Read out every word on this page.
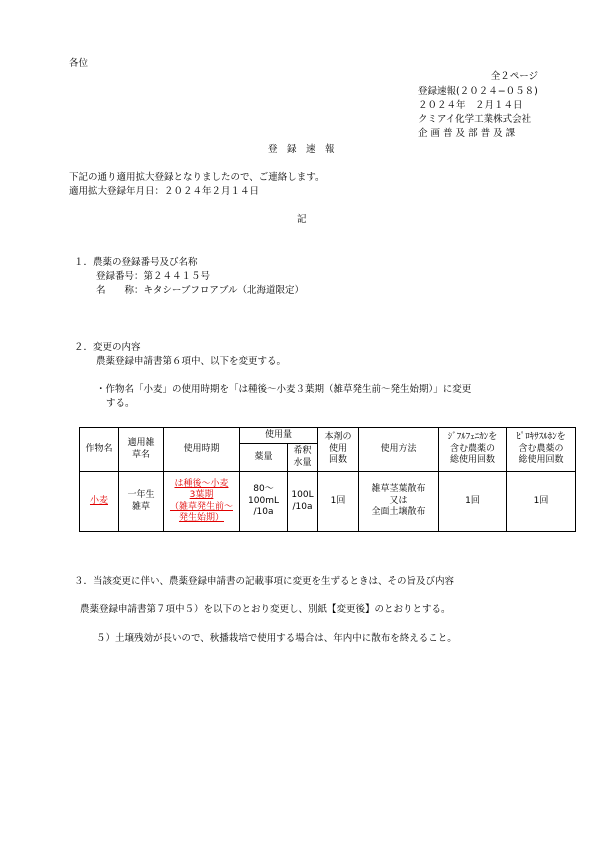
各位
全２ページ
登録速報(２０２４−０５８)
２０２４年　２月１４日
クミアイ化学工業株式会社
企 画 普 及 部 普 及 課
登　録　速　報
下記の通り適用拡大登録となりましたので、ご連絡します。
適用拡大登録年月日：２０２４年２月１４日
記
１．農薬の登録番号及び名称
登録番号：第２４４１５号
名　　称：キタシーブフロアブル（北海道限定）
２．変更の内容
農薬登録申請書第６項中、以下を変更する。
・作物名「小麦」の使用時期を「は種後〜小麦３葉期（雑草発生前〜発生始期）」に変更
する。
作物名	適用雑
草名	使用時期	使用量		本剤の
使用
回数	使用方法	ｼﾞﾌﾙﾌｪﾆｶﾝを
含む農薬の
総使用回数	ﾋﾟﾛｷｻｽﾙﾎﾝを
含む農薬の
総使用回数

			薬量	希釈
水量				

小麦	一年生
雑草	は種後〜小麦
3葉期
（雑草発生前〜
発生始期）	80〜
100mL
/10a	100L
/10a	1回	雑草茎葉散布
又は
全面土壌散布	1回	1回
３．当該変更に伴い、農薬登録申請書の記載事項に変更を生ずるときは、その旨及び内容
農薬登録申請書第７項中５）を以下のとおり変更し、別紙【変更後】のとおりとする。
５）土壌残効が長いので、秋播栽培で使用する場合は、年内中に散布を終えること。
